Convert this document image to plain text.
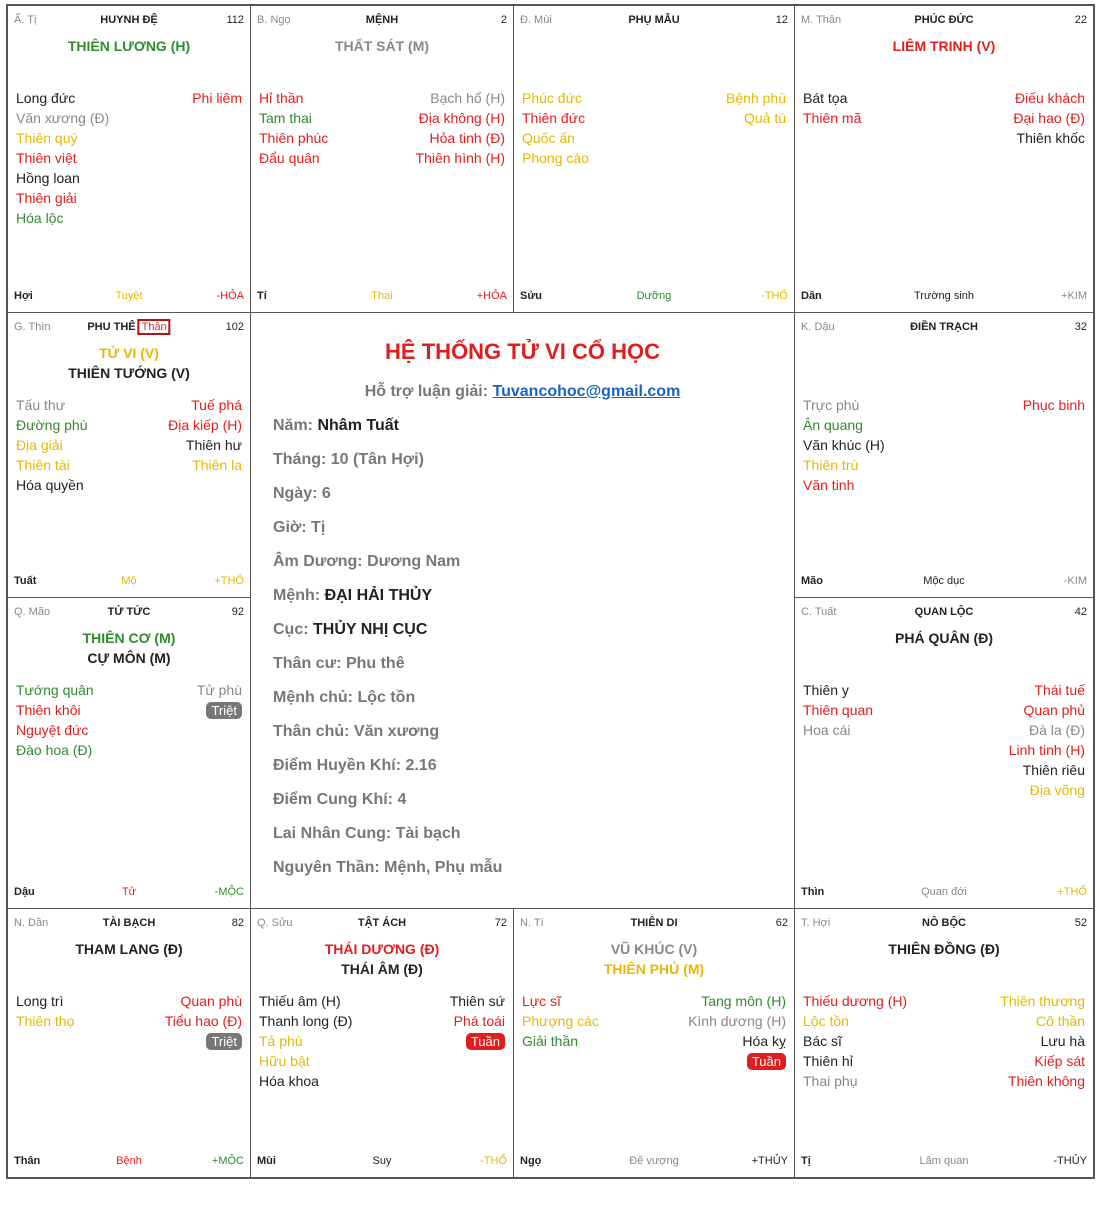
Ấ. Tị	HUYNH ĐỆ	112
THIÊN LƯƠNG (H)
Long đức	Phi liêm
Văn xương (Đ)
Thiên quý
Thiên việt
Hồng loan
Thiên giải
Hóa lộc
Hợi	Tuyệt	-HỎA
B. Ngọ	MỆNH	2
THẤT SÁT (M)
Hỉ thần	Bạch hổ (H)
Tam thai	Địa không (H)
Thiên phúc	Hỏa tinh (Đ)
Đẩu quân	Thiên hình (H)
Tí	Thai	+HỎA
Đ. Mùi	PHỤ MẪU	12
Phúc đức	Bệnh phù
Thiên đức	Quả tú
Quốc ấn
Phong cáo
Sửu	Dưỡng	-THỔ
M. Thân	PHÚC ĐỨC	22
LIÊM TRINH (V)
Bát tọa	Điếu khách
Thiên mã	Đại hao (Đ)
Thiên khốc
Dần	Trường sinh	+KIM
G. Thìn	PHU THÊ Thân	102
TỬ VI (V)
THIÊN TƯỚNG (V)
Tấu thư	Tuế phá
Đường phù	Địa kiếp (H)
Địa giải	Thiên hư
Thiên tài	Thiên la
Hóa quyền
Tuất	Mộ	+THỔ
HỆ THỐNG TỬ VI CỔ HỌC
Hỗ trợ luận giải: Tuvancohoc@gmail.com
Năm: Nhâm Tuất
Tháng: 10 (Tân Hợi)
Ngày: 6
Giờ: Tị
Âm Dương: Dương Nam
Mệnh: ĐẠI HẢI THỦY
Cục: THỦY NHỊ CỤC
Thân cư: Phu thê
Mệnh chủ: Lộc tồn
Thân chủ: Văn xương
Điểm Huyền Khí: 2.16
Điểm Cung Khí: 4
Lai Nhân Cung: Tài bạch
Nguyên Thần: Mệnh, Phụ mẫu
K. Dậu	ĐIỀN TRẠCH	32
Trực phù	Phục binh
Ân quang
Văn khúc (H)
Thiên trù
Văn tinh
Mão	Mộc dục	-KIM
Q. Mão	TỬ TỨC	92
THIÊN CƠ (M)
CỰ MÔN (M)
Tướng quân	Tử phù
Thiên khôi	Triệt
Nguyệt đức
Đào hoa (Đ)
Dậu	Tử	-MỘC
C. Tuất	QUAN LỘC	42
PHÁ QUÂN (Đ)
Thiên y	Thái tuế
Thiên quan	Quan phủ
Hoa cái	Đà la (Đ)
Linh tinh (H)
Thiên riêu
Địa võng
Thìn	Quan đới	+THỔ
N. Dần	TÀI BẠCH	82
THAM LANG (Đ)
Long trì	Quan phù
Thiên thọ	Tiểu hao (Đ)
Triệt
Thân	Bệnh	+MỘC
Q. Sửu	TẬT ÁCH	72
THÁI DƯƠNG (Đ)
THÁI ÂM (Đ)
Thiếu âm (H)	Thiên sứ
Thanh long (Đ)	Phá toái
Tả phù	Tuần
Hữu bật
Hóa khoa
Mùi	Suy	-THỔ
N. Tí	THIÊN DI	62
VŨ KHÚC (V)
THIÊN PHỦ (M)
Lực sĩ	Tang môn (H)
Phượng các	Kình dương (H)
Giải thần	Hóa kỵ
Tuần
Ngọ	Đế vượng	+THỦY
T. Hợi	NÔ BỘC	52
THIÊN ĐỒNG (Đ)
Thiếu dương (H)	Thiên thương
Lộc tồn	Cô thần
Bác sĩ	Lưu hà
Thiên hỉ	Kiếp sát
Thai phụ	Thiên không
Tị	Lâm quan	-THỦY
